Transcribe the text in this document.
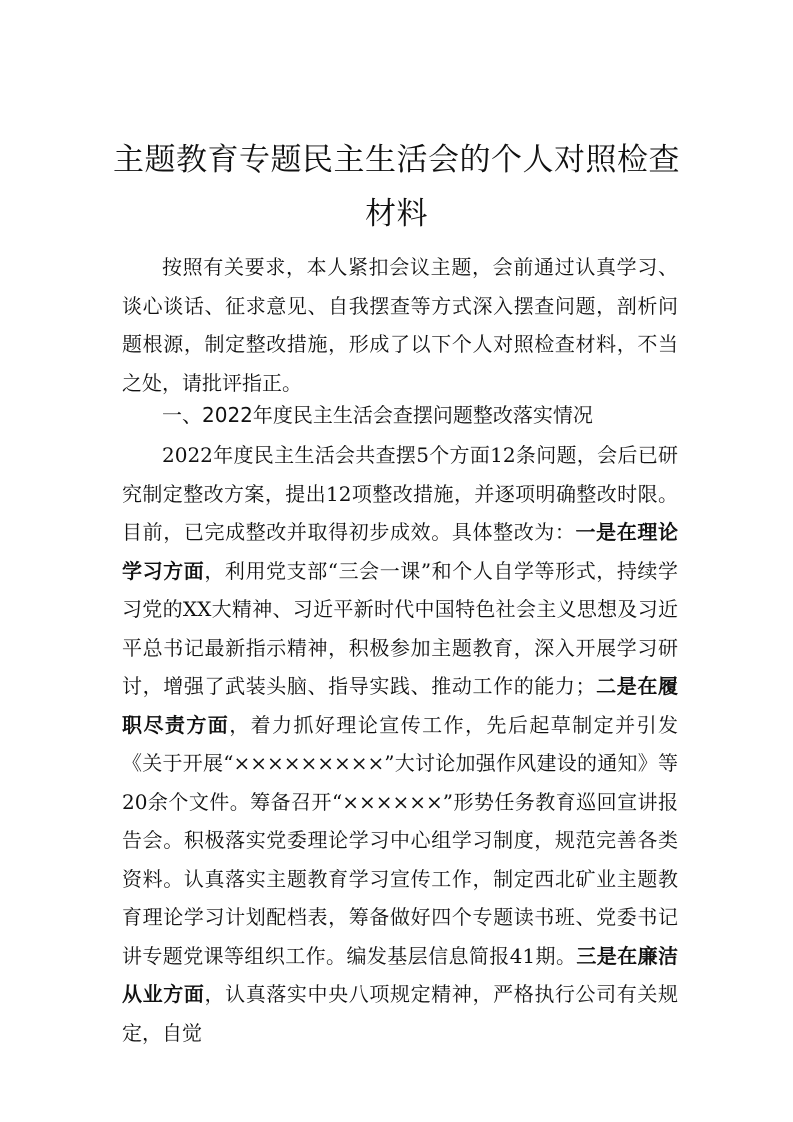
主题教育专题民主生活会的个人对照检查
材料

按照有关要求，本人紧扣会议主题，会前通过认真学习、谈心谈话、征求意见、自我摆查等方式深入摆查问题，剖析问题根源，制定整改措施，形成了以下个人对照检查材料，不当之处，请批评指正。

一、2022年度民主生活会查摆问题整改落实情况

2022年度民主生活会共查摆5个方面12条问题，会后已研究制定整改方案，提出12项整改措施，并逐项明确整改时限。目前，已完成整改并取得初步成效。具体整改为：一是在理论学习方面，利用党支部“三会一课”和个人自学等形式，持续学习党的XX大精神、习近平新时代中国特色社会主义思想及习近平总书记最新指示精神，积极参加主题教育，深入开展学习研讨，增强了武装头脑、指导实践、推动工作的能力；二是在履职尽责方面，着力抓好理论宣传工作，先后起草制定并引发《关于开展“×××××××××”大讨论加强作风建设的通知》等20余个文件。筹备召开“××××××”形势任务教育巡回宣讲报告会。积极落实党委理论学习中心组学习制度，规范完善各类资料。认真落实主题教育学习宣传工作，制定西北矿业主题教育理论学习计划配档表，筹备做好四个专题读书班、党委书记讲专题党课等组织工作。编发基层信息简报41期。三是在廉洁从业方面，认真落实中央八项规定精神，严格执行公司有关规定，自觉
